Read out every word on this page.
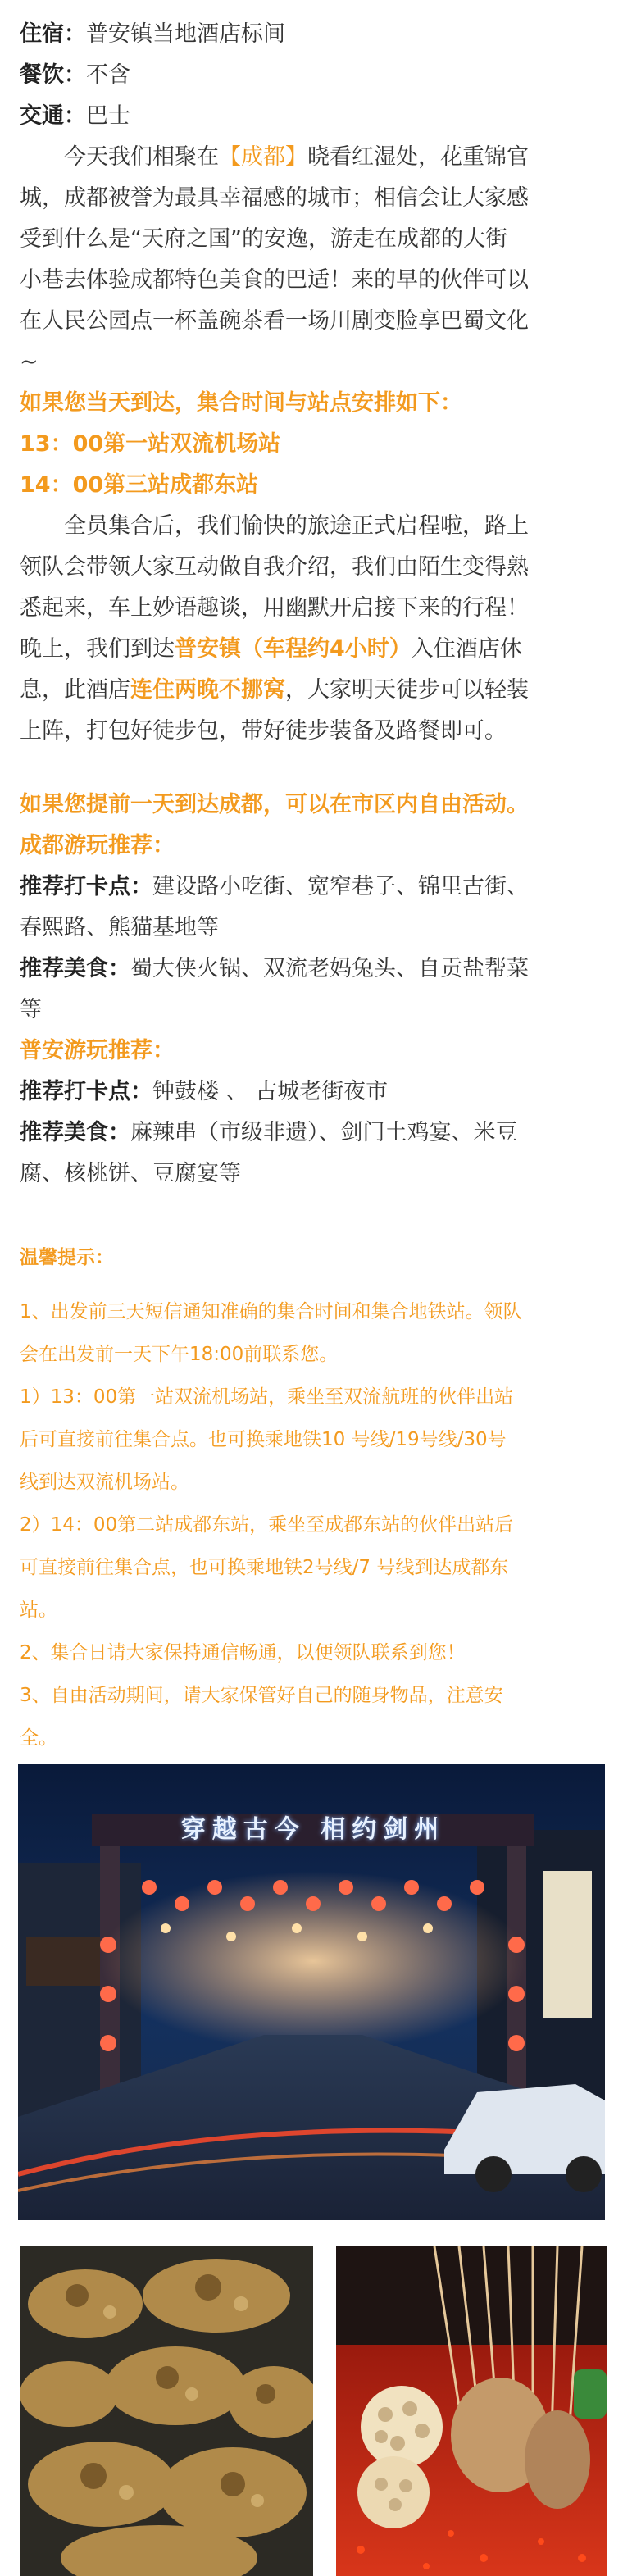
住宿：普安镇当地酒店标间
餐饮：不含
交通：巴士
今天我们相聚在【成都】晓看红湿处，花重锦官
城，成都被誉为最具幸福感的城市；相信会让大家感
受到什么是“天府之国”的安逸，游走在成都的大街
小巷去体验成都特色美食的巴适！来的早的伙伴可以
在人民公园点一杯盖碗茶看一场川剧变脸享巴蜀文化
~
如果您当天到达，集合时间与站点安排如下：
13：00第一站双流机场站
14：00第三站成都东站
全员集合后，我们愉快的旅途正式启程啦，路上
领队会带领大家互动做自我介绍，我们由陌生变得熟
悉起来，车上妙语趣谈，用幽默开启接下来的行程！
晚上，我们到达普安镇（车程约4小时）入住酒店休
息，此酒店连住两晚不挪窝，大家明天徒步可以轻装
上阵，打包好徒步包，带好徒步装备及路餐即可。
如果您提前一天到达成都，可以在市区内自由活动。
成都游玩推荐：
推荐打卡点：建设路小吃街、宽窄巷子、锦里古街、
春熙路、熊猫基地等
推荐美食：蜀大侠火锅、双流老妈兔头、自贡盐帮菜
等
普安游玩推荐：
推荐打卡点：钟鼓楼 、 古城老街夜市
推荐美食：麻辣串（市级非遗）、剑门土鸡宴、米豆
腐、核桃饼、豆腐宴等
温馨提示：
1、出发前三天短信通知准确的集合时间和集合地铁站。领队
会在出发前一天下午18:00前联系您。
1）13：00第一站双流机场站，乘坐至双流航班的伙伴出站
后可直接前往集合点。也可换乘地铁10 号线/19号线/30号
线到达双流机场站。
2）14：00第二站成都东站，乘坐至成都东站的伙伴出站后
可直接前往集合点，也可换乘地铁2号线/7 号线到达成都东
站。
2、集合日请大家保持通信畅通，以便领队联系到您！
3、自由活动期间，请大家保管好自己的随身物品，注意安
全。
穿越古今 相约剑州
